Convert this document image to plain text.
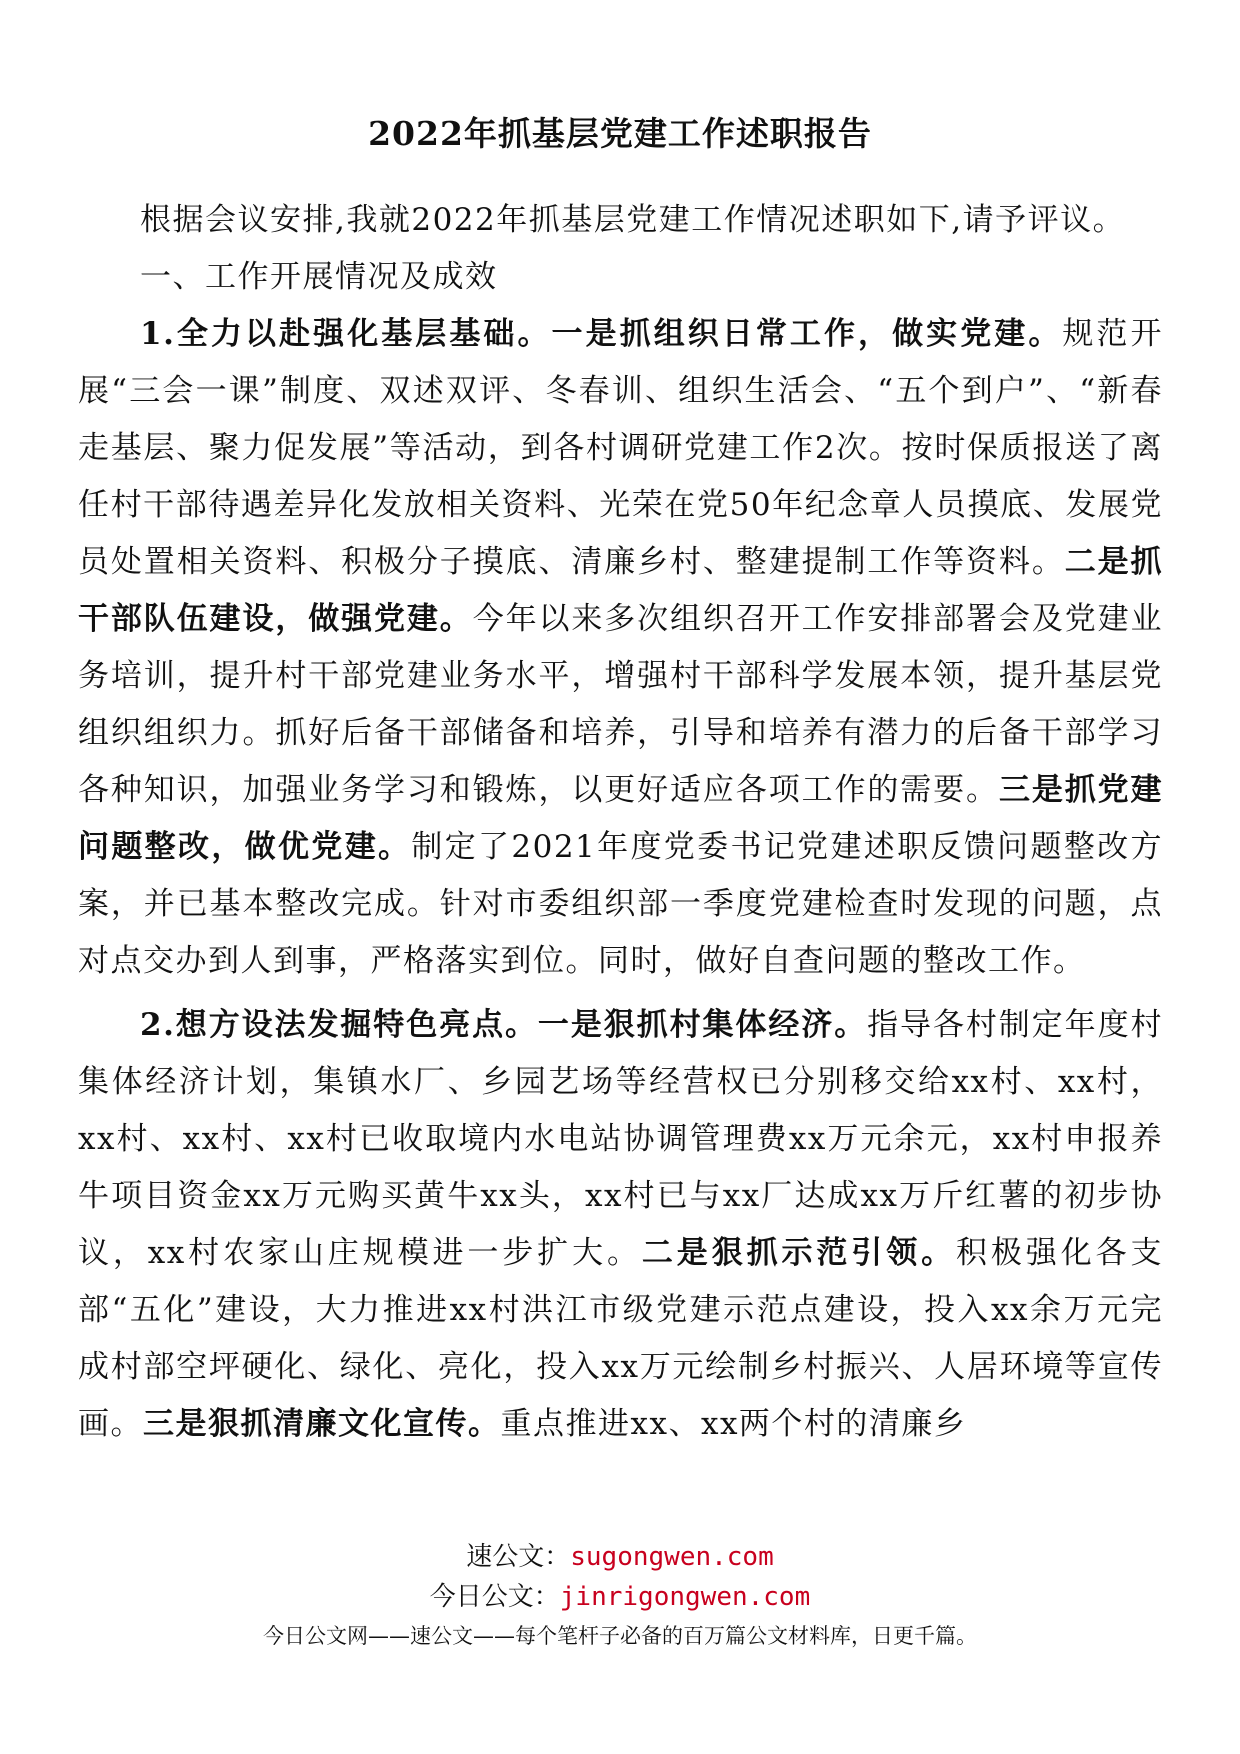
2022年抓基层党建工作述职报告

根据会议安排,我就2022年抓基层党建工作情况述职如下,请予评议。

一、工作开展情况及成效

1.全力以赴强化基层基础。一是抓组织日常工作，做实党建。规范开展“三会一课”制度、双述双评、冬春训、组织生活会、“五个到户”、“新春走基层、聚力促发展”等活动，到各村调研党建工作2次。按时保质报送了离任村干部待遇差异化发放相关资料、光荣在党50年纪念章人员摸底、发展党员处置相关资料、积极分子摸底、清廉乡村、整建提制工作等资料。二是抓干部队伍建设，做强党建。今年以来多次组织召开工作安排部署会及党建业务培训，提升村干部党建业务水平，增强村干部科学发展本领，提升基层党组织组织力。抓好后备干部储备和培养，引导和培养有潜力的后备干部学习各种知识，加强业务学习和锻炼，以更好适应各项工作的需要。三是抓党建问题整改，做优党建。制定了2021年度党委书记党建述职反馈问题整改方案，并已基本整改完成。针对市委组织部一季度党建检查时发现的问题，点对点交办到人到事，严格落实到位。同时，做好自查问题的整改工作。

2.想方设法发掘特色亮点。一是狠抓村集体经济。指导各村制定年度村集体经济计划，集镇水厂、乡园艺场等经营权已分别移交给xx村、xx村，xx村、xx村、xx村已收取境内水电站协调管理费xx万元余元，xx村申报养牛项目资金xx万元购买黄牛xx头，xx村已与xx厂达成xx万斤红薯的初步协议，xx村农家山庄规模进一步扩大。二是狠抓示范引领。积极强化各支部“五化”建设，大力推进xx村洪江市级党建示范点建设，投入xx余万元完成村部空坪硬化、绿化、亮化，投入xx万元绘制乡村振兴、人居环境等宣传画。三是狠抓清廉文化宣传。重点推进xx、xx两个村的清廉乡

速公文：sugongwen.com
今日公文：jinrigongwen.com
今日公文网——速公文——每个笔杆子必备的百万篇公文材料库，日更千篇。
